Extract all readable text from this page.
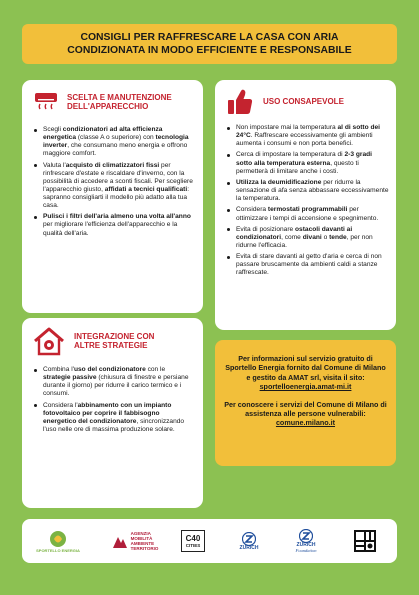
CONSIGLI PER RAFFRESCARE LA CASA CON ARIA
CONDIZIONATA IN MODO EFFICIENTE E RESPONSABILE
SCELTA E MANUTENZIONE
DELL'APPARECCHIO
Scegli condizionatori ad alta efficienza energetica (classe A o superiore) con tecnologia inverter, che consumano meno energia e offrono maggiore comfort.
Valuta l'acquisto di climatizzatori fissi per rinfrescare d'estate e riscaldare d'inverno, con la possibilità di accedere a sconti fiscali. Per scegliere l'apparecchio giusto, affidati a tecnici qualificati: sapranno consigliarti il modello più adatto alla tua casa.
Pulisci i filtri dell'aria almeno una volta all'anno per migliorare l'efficienza dell'apparecchio e la qualità dell'aria.
USO CONSAPEVOLE
Non impostare mai la temperatura al di sotto dei 24°C. Raffrescare eccessivamente gli ambienti aumenta i consumi e non porta benefici.
Cerca di impostare la temperatura di 2-3 gradi sotto alla temperatura esterna, questo ti permetterà di limitare anche i costi.
Utilizza la deumidificazione per ridurre la sensazione di afa senza abbassare eccessivamente la temperatura.
Considera termostati programmabili per ottimizzare i tempi di accensione e spegnimento.
Evita di posizionare ostacoli davanti ai condizionatori, come divani o tende, per non ridurne l'efficacia.
Evita di stare davanti al getto d'aria e cerca di non passare bruscamente da ambienti caldi a stanze raffrescate.
INTEGRAZIONE CON
ALTRE STRATEGIE
Combina l'uso del condizionatore con le strategie passive (chiusura di finestre e persiane durante il giorno) per ridurre il carico termico e i consumi.
Considera l'abbinamento con un impianto fotovoltaico per coprire il fabbisogno energetico del condizionatore, sincronizzando l'uso nelle ore di massima produzione solare.
Per informazioni sul servizio gratuito di Sportello Energia fornito dal Comune di Milano e gestito da AMAT srl, visita il sito:
sportelloenergia.amat-mi.it
Per conoscere i servizi del Comune di Milano di assistenza alle persone vulnerabili:
comune.milano.it
SPORTELLO ENERGIA
AGENZIA
MOBILITÀ
AMBIENTE
TERRITORIO
C40
CITIES	ZURICH	ZURICH
Foundation
